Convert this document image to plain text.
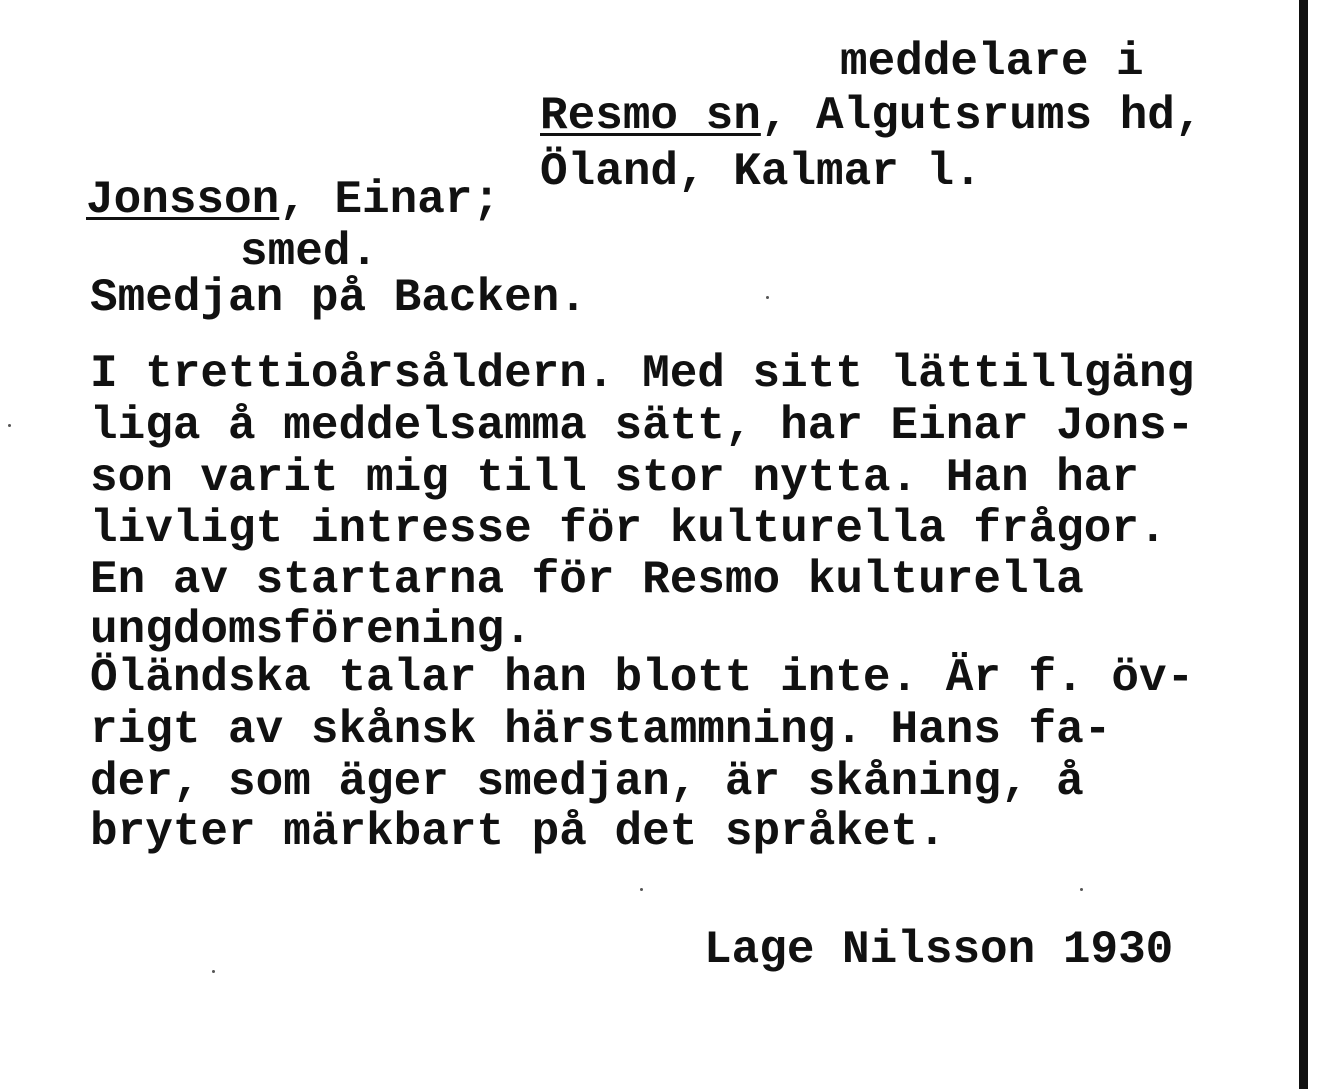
meddelare i
Resmo sn, Algutsrums hd,
Öland, Kalmar l.
Jonsson, Einar;
smed.
Smedjan på Backen.
I trettioårsåldern. Med sitt lättillgäng
liga å meddelsamma sätt, har Einar Jons-
son varit mig till stor nytta. Han har
livligt intresse för kulturella frågor.
En av startarna för Resmo kulturella
ungdomsförening.
Öländska talar han blott inte. Är f. öv-
rigt av skånsk härstammning. Hans fa-
der, som äger smedjan, är skåning, å
bryter märkbart på det språket.
Lage Nilsson 1930
